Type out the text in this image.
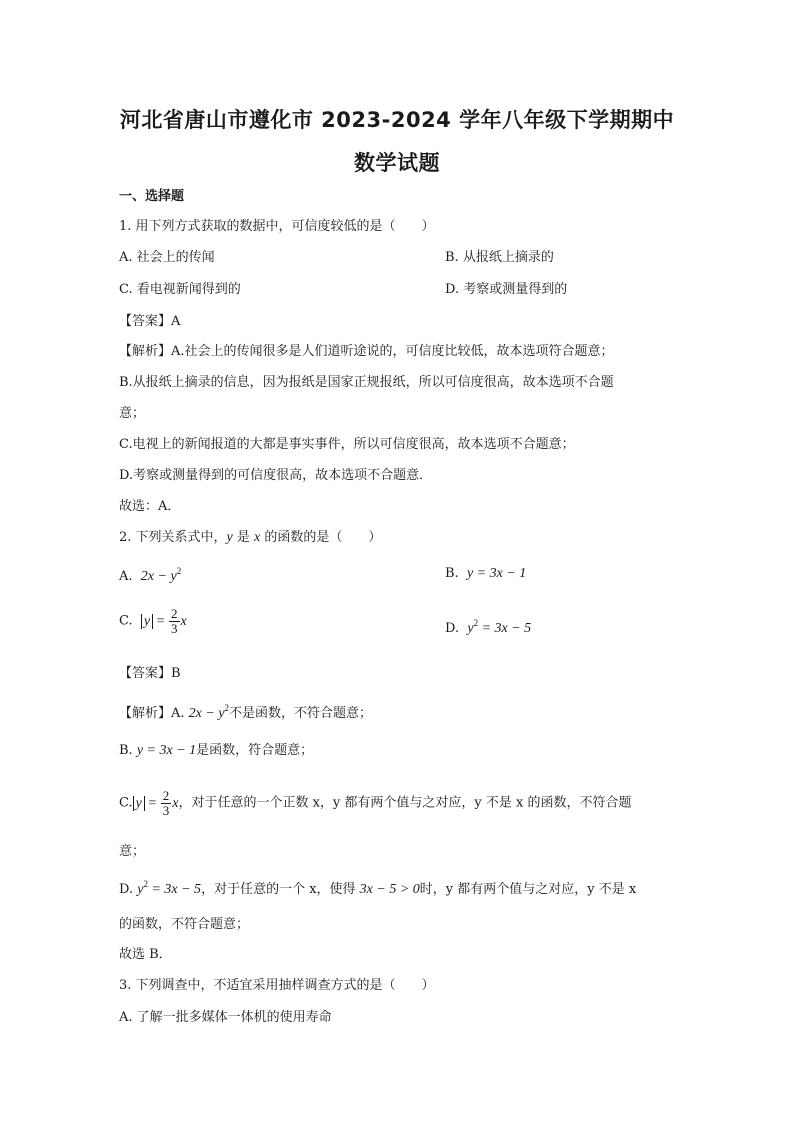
河北省唐山市遵化市 2023-2024 学年八年级下学期期中
数学试题
一、选择题
1. 用下列方式获取的数据中，可信度较低的是（　　）
A. 社会上的传闻	B. 从报纸上摘录的
C. 看电视新闻得到的	D. 考察或测量得到的
【答案】A
【解析】A.社会上的传闻很多是人们道听途说的，可信度比较低，故本选项符合题意；
B.从报纸上摘录的信息，因为报纸是国家正规报纸，所以可信度很高，故本选项不合题
意；
C.电视上的新闻报道的大都是事实事件，所以可信度很高，故本选项不合题意；
D.考察或测量得到的可信度很高，故本选项不合题意．
故选：A．
2. 下列关系式中，y 是 x 的函数的是（　　）
A. $2x - y^2$	B. y = 3x − 1
C. $y = \frac{2}{3}$ x	D. $y^2 = 3x - 5$
【答案】B
【解析】A. $2x - y^2$不是函数，不符合题意；
B. y = 3x − 1是函数，符合题意；
C. $y = \frac{2}{3}$ x，对于任意的一个正数 x，y 都有两个值与之对应，y 不是 x 的函数，不符合题
意；
D. $y^2 = 3x - 5$，对于任意的一个 x，使得 3x − 5 > 0时，y 都有两个值与之对应，y 不是 x
的函数，不符合题意；
故选 B．
3. 下列调查中，不适宜采用抽样调查方式的是（　　）
A. 了解一批多媒体一体机的使用寿命
